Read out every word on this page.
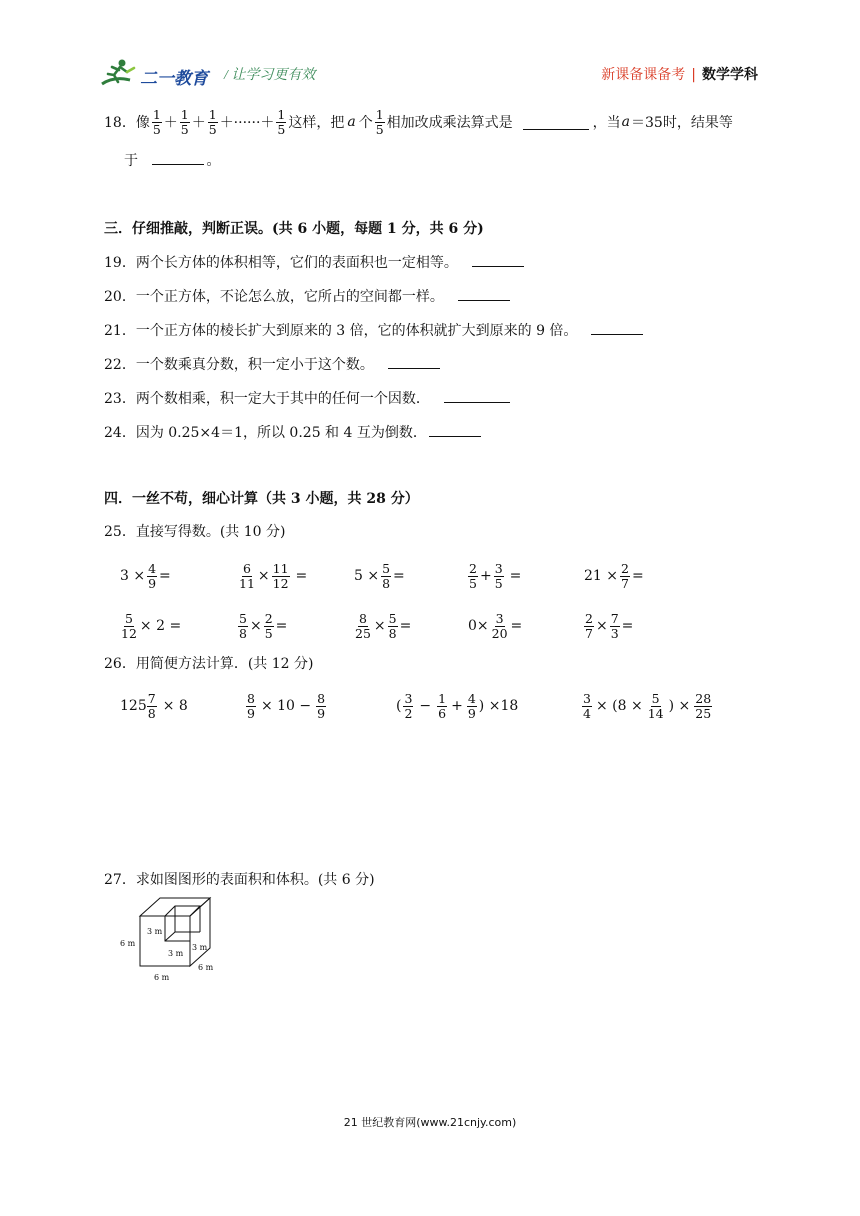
二一教育 / 让学习更有效	新课备课备考 | 数学学科
18．像 $\frac{1}{5} + \frac{1}{5} + \frac{1}{5}$ ＋······＋ $\frac{1}{5}$ 这样，把 a 个 $\frac{1}{5}$ 相加改成乘法算式是	，当 a ＝35时，结果等
于	。
三．仔细推敲，判断正误。(共 6 小题，每题 1 分，共 6 分)
19．两个长方体的体积相等，它们的表面积也一定相等。
20．一个正方体，不论怎么放，它所占的空间都一样。
21．一个正方体的棱长扩大到原来的 3 倍，它的体积就扩大到原来的 9 倍。
22．一个数乘真分数，积一定小于这个数。
23．两个数相乘，积一定大于其中的任何一个因数．
24．因为 0.25×4＝1，所以 0.25 和 4 互为倒数．
四．一丝不苟，细心计算（共 3 小题，共 28 分）
25．直接写得数。(共 10 分)
$3 \times \frac{4}{9}$ =	$\frac{6}{11} \times \frac{11}{12}$ =	$5 \times \frac{5}{8}$ =	$\frac{2}{5} + \frac{3}{5}$ =	$21 \times \frac{2}{7}$ =
$\frac{5}{12} \times 2$ =	$\frac{5}{8} \times \frac{2}{5}$ =	$\frac{8}{25} \times \frac{5}{8}$ =	$0\times \frac{3}{20}$ =	$\frac{2}{7} \times \frac{7}{3}$ =
26．用简便方法计算．(共 12 分)
$125 \frac{7}{8} \times 8$	$\frac{8}{9} \times 10 - \frac{8}{9}$	( $\frac{3}{2} - \frac{1}{6} + \frac{4}{9}$ ) ×18	$\frac{3}{4} \times (8 \times \frac{5}{14}$ ) × $\frac{28}{25}$
27．求如图图形的表面积和体积。(共 6 分)
6 m
6 m
6 m
3 m
3 m
3 m
21 世纪教育网(www.21cnjy.com)
